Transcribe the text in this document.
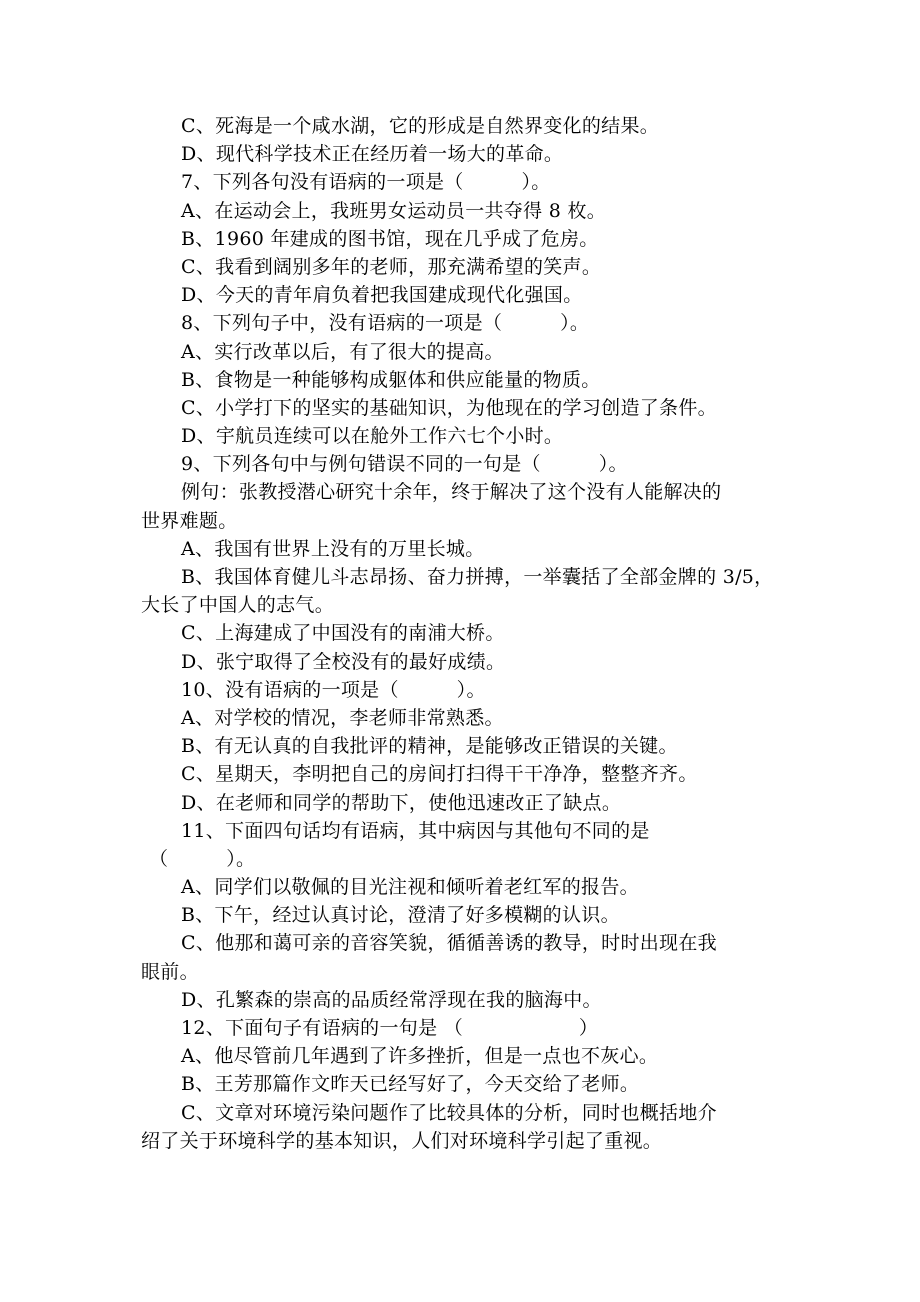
C、死海是一个咸水湖，它的形成是自然界变化的结果。
D、现代科学技术正在经历着一场大的革命。
7、下列各句没有语病的一项是（　　　）。
A、在运动会上，我班男女运动员一共夺得 8 枚。
B、1960 年建成的图书馆，现在几乎成了危房。
C、我看到阔别多年的老师，那充满希望的笑声。
D、今天的青年肩负着把我国建成现代化强国。
8、下列句子中，没有语病的一项是（　　　）。
A、实行改革以后，有了很大的提高。
B、食物是一种能够构成躯体和供应能量的物质。
C、小学打下的坚实的基础知识，为他现在的学习创造了条件。
D、宇航员连续可以在舱外工作六七个小时。
9、下列各句中与例句错误不同的一句是（　　　）。
例句：张教授潜心研究十余年，终于解决了这个没有人能解决的
世界难题。
A、我国有世界上没有的万里长城。
B、我国体育健儿斗志昂扬、奋力拼搏，一举囊括了全部金牌的 3/5，
大长了中国人的志气。
C、上海建成了中国没有的南浦大桥。
D、张宁取得了全校没有的最好成绩。
10、没有语病的一项是（　　　）。
A、对学校的情况，李老师非常熟悉。
B、有无认真的自我批评的精神，是能够改正错误的关键。
C、星期天，李明把自己的房间打扫得干干净净，整整齐齐。
D、在老师和同学的帮助下，使他迅速改正了缺点。
11、下面四句话均有语病，其中病因与其他句不同的是
（　　　）。
A、同学们以敬佩的目光注视和倾听着老红军的报告。
B、下午，经过认真讨论，澄清了好多模糊的认识。
C、他那和蔼可亲的音容笑貌，循循善诱的教导，时时出现在我
眼前。
D、孔繁森的崇高的品质经常浮现在我的脑海中。
12、下面句子有语病的一句是 （　　　　　　）
A、他尽管前几年遇到了许多挫折，但是一点也不灰心。
B、王芳那篇作文昨天已经写好了，今天交给了老师。
C、文章对环境污染问题作了比较具体的分析，同时也概括地介
绍了关于环境科学的基本知识，人们对环境科学引起了重视。
